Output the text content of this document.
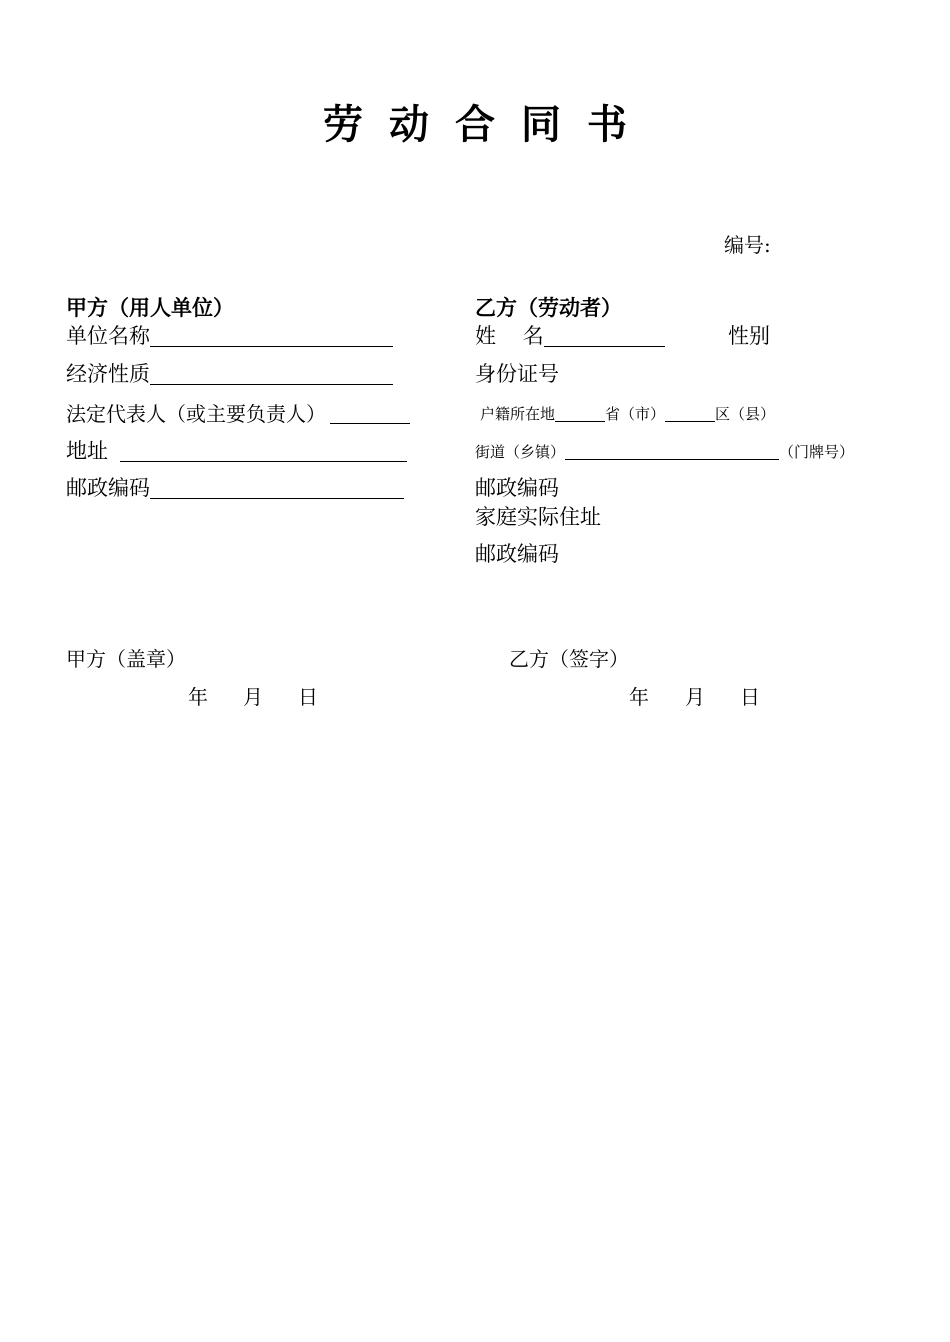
劳动合同书
编号:
甲方（用人单位）
单位名称
经济性质
法定代表人（或主要负责人）
地址
邮政编码
乙方（劳动者）
姓    名	性别
身份证号
户籍所在地	省（市）	区（县）
街道（乡镇）	（门牌号）
邮政编码
家庭实际住址
邮政编码
甲方（盖章）	乙方（签字）
年 月 日	年 月 日
